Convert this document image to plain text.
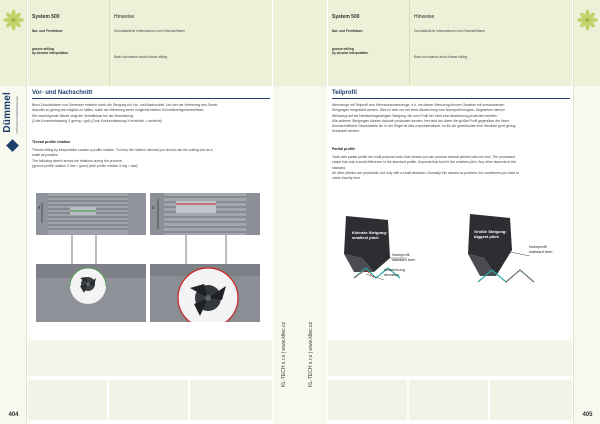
Dümmel PRÄZISIONSWERKZEUGE
404
System 500
Nut- und Fernfräsen
groove milling
by circular interpolation
Hinweise
Grundsätzliche Informationen zum Gewindefräsen
Basic information about thread milling
KL-TECH s.r.o | www.kltec.cz
Vor- und Nachschnitt
Beim Zirkularfräsen von Gewinden entsteht durch die Steigung ein Vor- und Nachschnitt. Um hier die Verletzung des Gewin-
deprofils zu gering wie möglich zu halten, sollte der Werkzeug einen möglichst kleinen Schneidkreisgewindefräsen.
Die nachfolgende Skizze zeigt die Verhältnisse bei der Bearbeitung:
(Gute Konturenfassung X gering = gut) (Gute Konturenfassung X erheblich = schlecht)
Thread profile rotation
Thread milling by interpolation causes a profile rotation. To keep the rotation minimal you should use the cutting tool as a
small as possible.
The following sketch shows the relations during the process:
(groove profile rotation X low = good) (with profile rotation X big = bad)
x	x
KL-TECH s.r.o | www.kltec.cz
System 500
Nut- und Fernfräsen
groove milling
by circular interpolation
Hinweise
Grundsätzliche Informationen zum Gewindefräsen
Basic information about thread milling
405
Teilprofil
Werkzeuge mit Teilprofil sind Mehrzweckwerkzeuge, d.h. mit diesen Werkzeug können Gewinde mit verschiedenen
Steigungen hergestellt werden. Dies ist aber nur mit einer Abweichung vom Normprofil möglich. Abgesehen hiervon
Werkzeug auf die Nennkernsgesteigten Steigung, die vom Profil her nicht eine Abweichung produziert werden.
Alle anderen Steigungen können dadurch produziert werden, hier sind die obere die größte Profil gegenüber der Norm
durchschnittliche Gewindeteile ab. In der Regel ist dies unproblematisch, es für der gewünschte eine Gewinde groß genug
behandelt werden.
Partial profile
Tools with partial profile are multi-purpose tools, that means you can process several pitches with one tool. The processed
shape has only a small difference to the standard profile. Depends that tool for the smallest pitch. Any other depends to the
standard.
All other pitches are producible, but only with a small deviation. Normally this causes no problem, but sometimes you have to
check exactly here.
Kleinste Steigung:
smallest pitch
Normprofil
standard form
Abweichung
deviation
Größte Steigung:
biggest pitch
Normprofil
standard form
